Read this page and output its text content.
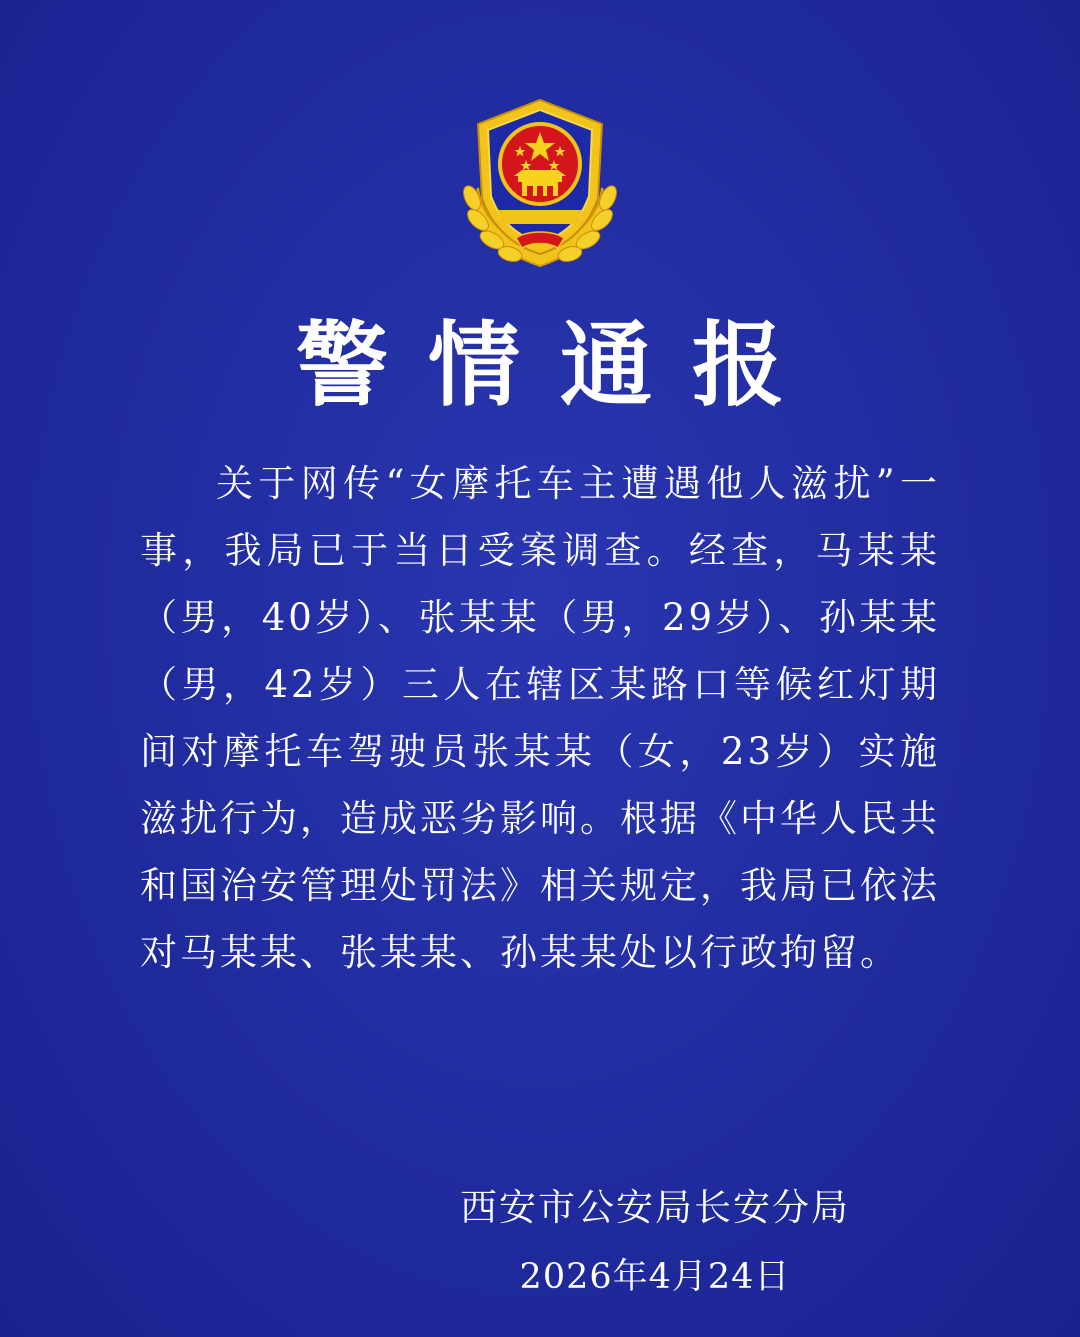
警情通报
关于网传“女摩托车主遭遇他人滋扰”一事，我局已于当日受案调查。经查，马某某（男，40岁）、张某某（男，29岁）、孙某某（男，42岁）三人在辖区某路口等候红灯期间对摩托车驾驶员张某某（女，23岁）实施滋扰行为，造成恶劣影响。根据《中华人民共和国治安管理处罚法》相关规定，我局已依法对马某某、张某某、孙某某处以行政拘留。
西安市公安局长安分局
2026年4月24日
